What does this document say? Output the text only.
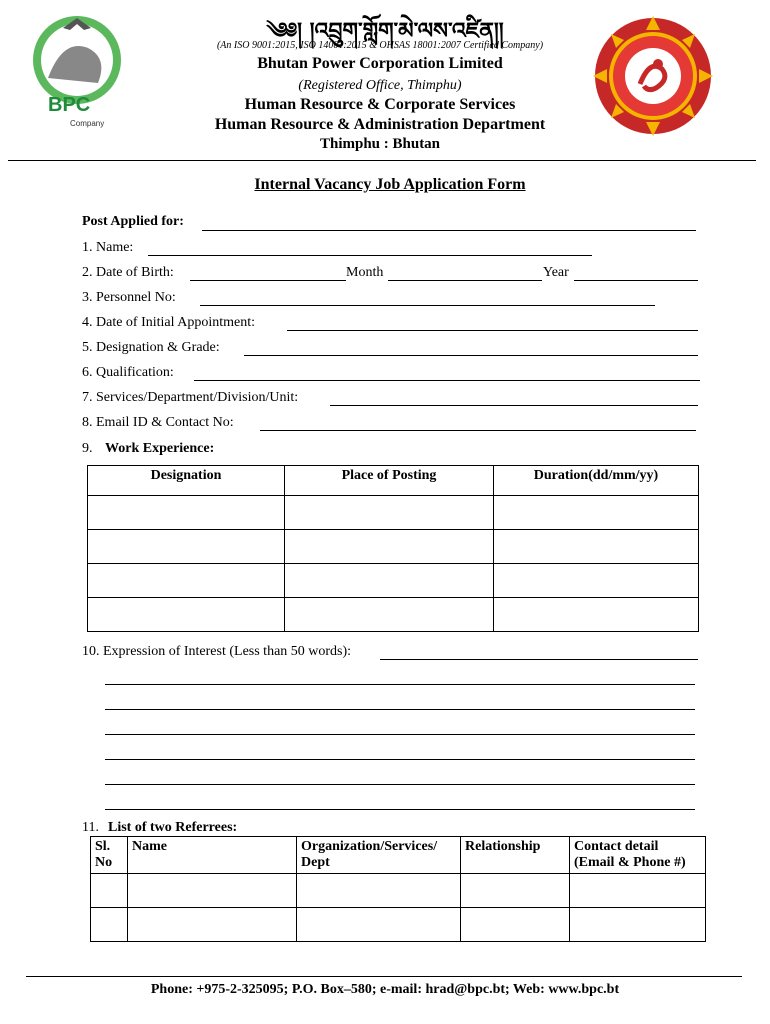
BPC
Company
༄༅། །འབྲུག་གློག་མེ་ལས་འཛིན།།
(An ISO 9001:2015, ISO 14001:2015 & OHSAS 18001:2007 Certified Company)
Bhutan Power Corporation Limited
(Registered Office, Thimphu)
Human Resource & Corporate Services
Human Resource & Administration Department
Thimphu : Bhutan
Internal Vacancy Job Application Form
Post Applied for:
1. Name:
2. Date of Birth:	Month	Year
3. Personnel No:
4. Date of Initial Appointment:
5. Designation & Grade:
6. Qualification:
7. Services/Department/Division/Unit:
8. Email ID & Contact No:
9. Work Experience:
Designation	Place of Posting	Duration(dd/mm/yy)

10. Expression of Interest (Less than 50 words):
11. List of two Referrees:
Sl. No	Name	Organization/Services/ Dept	Relationship	Contact detail (Email & Phone #)

Phone: +975-2-325095; P.O. Box–580; e-mail: hrad@bpc.bt; Web: www.bpc.bt
